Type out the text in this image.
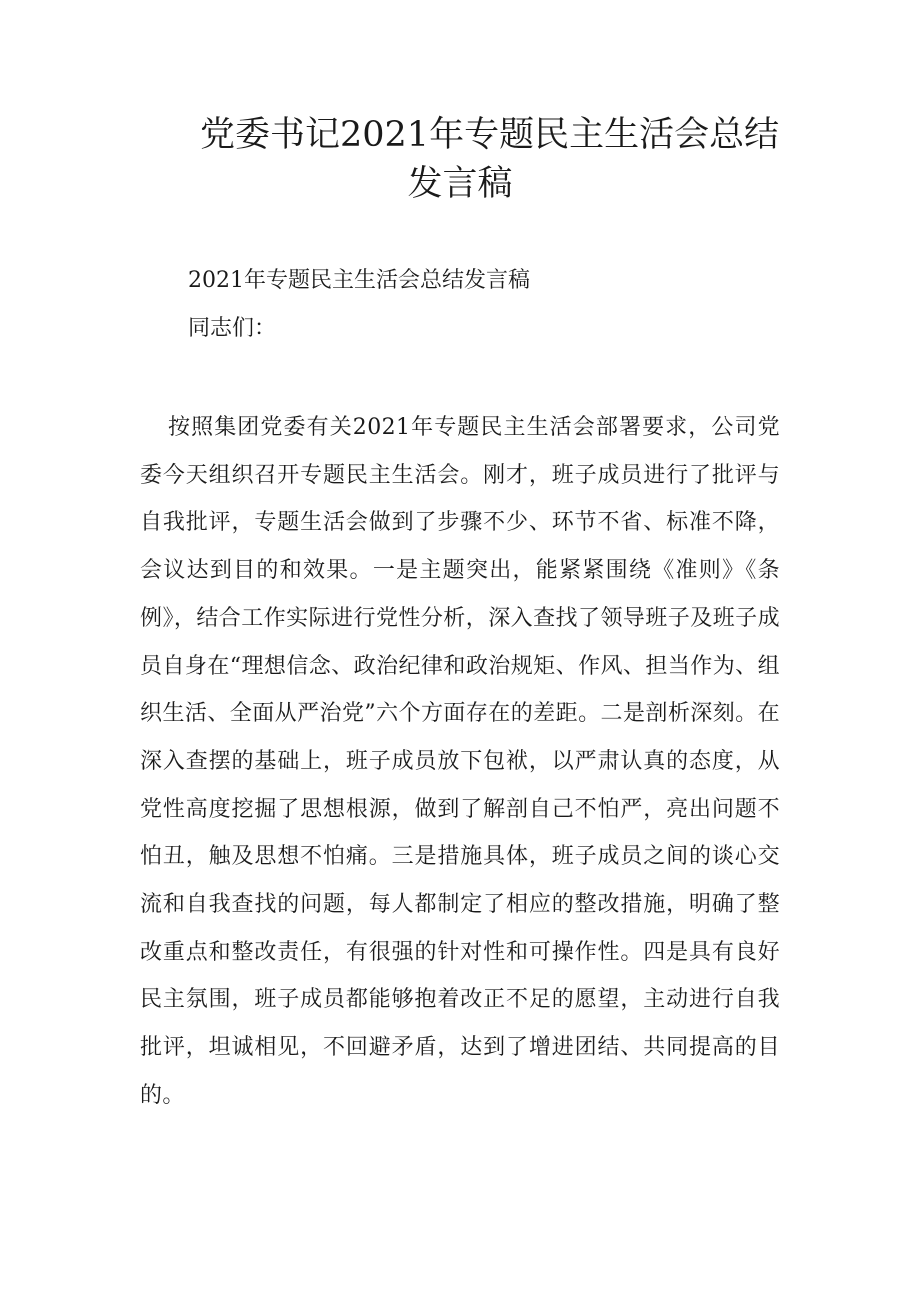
党委书记2021年专题民主生活会总结
发言稿

2021年专题民主生活会总结发言稿

同志们：

按照集团党委有关2021年专题民主生活会部署要求，公司党委今天组织召开专题民主生活会。刚才，班子成员进行了批评与自我批评，专题生活会做到了步骤不少、环节不省、标准不降，会议达到目的和效果。一是主题突出，能紧紧围绕《准则》《条例》，结合工作实际进行党性分析，深入查找了领导班子及班子成员自身在“理想信念、政治纪律和政治规矩、作风、担当作为、组织生活、全面从严治党”六个方面存在的差距。二是剖析深刻。在深入查摆的基础上，班子成员放下包袱，以严肃认真的态度，从党性高度挖掘了思想根源，做到了解剖自己不怕严，亮出问题不怕丑，触及思想不怕痛。三是措施具体，班子成员之间的谈心交流和自我查找的问题，每人都制定了相应的整改措施，明确了整改重点和整改责任，有很强的针对性和可操作性。四是具有良好民主氛围，班子成员都能够抱着改正不足的愿望，主动进行自我批评，坦诚相见，不回避矛盾，达到了增进团结、共同提高的目的。
